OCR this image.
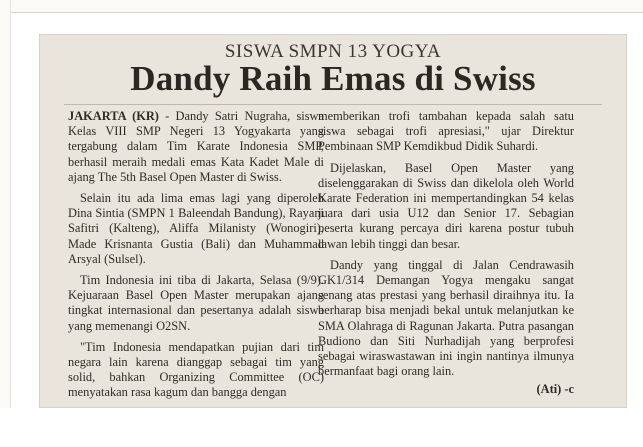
SISWA SMPN 13 YOGYA
Dandy Raih Emas di Swiss

JAKARTA (KR) - Dandy Satri Nugraha, siswa Kelas VIII SMP Negeri 13 Yogyakarta yang tergabung dalam Tim Karate Indonesia SMP, berhasil meraih medali emas Kata Kadet Male di ajang The 5th Basel Open Master di Swiss.

Selain itu ada lima emas lagi yang diperoleh Dina Sintia (SMPN 1 Baleendah Bandung), Rayani Safitri (Kalteng), Aliffa Milanisty (Wonogiri), Made Krisnanta Gustia (Bali) dan Muhammad Arsyal (Sulsel).

Tim Indonesia ini tiba di Jakarta, Selasa (9/9). Kejuaraan Basel Open Master merupakan ajang tingkat internasional dan pesertanya adalah siswa yang memenangi O2SN.

"Tim Indonesia mendapatkan pujian dari tim negara lain karena dianggap sebagai tim yang solid, bahkan Organizing Committee (OC) menyatakan rasa kagum dan bangga dengan

memberikan trofi tambahan kepada salah satu siswa sebagai trofi apresiasi," ujar Direktur Pembinaan SMP Kemdikbud Didik Suhardi.

Dijelaskan, Basel Open Master yang diselenggarakan di Swiss dan dikelola oleh World Karate Federation ini mempertandingkan 54 kelas juara dari usia U12 dan Senior 17. Sebagian peserta kurang percaya diri karena postur tubuh lawan lebih tinggi dan besar.

Dandy yang tinggal di Jalan Cendrawasih GK1/314 Demangan Yogya mengaku sangat senang atas prestasi yang berhasil diraihnya itu. Ia berharap bisa menjadi bekal untuk melanjutkan ke SMA Olahraga di Ragunan Jakarta. Putra pasangan Budiono dan Siti Nurhadijah yang berprofesi sebagai wiraswastawan ini ingin nantinya ilmunya bermanfaat bagi orang lain.

(Ati) -c
